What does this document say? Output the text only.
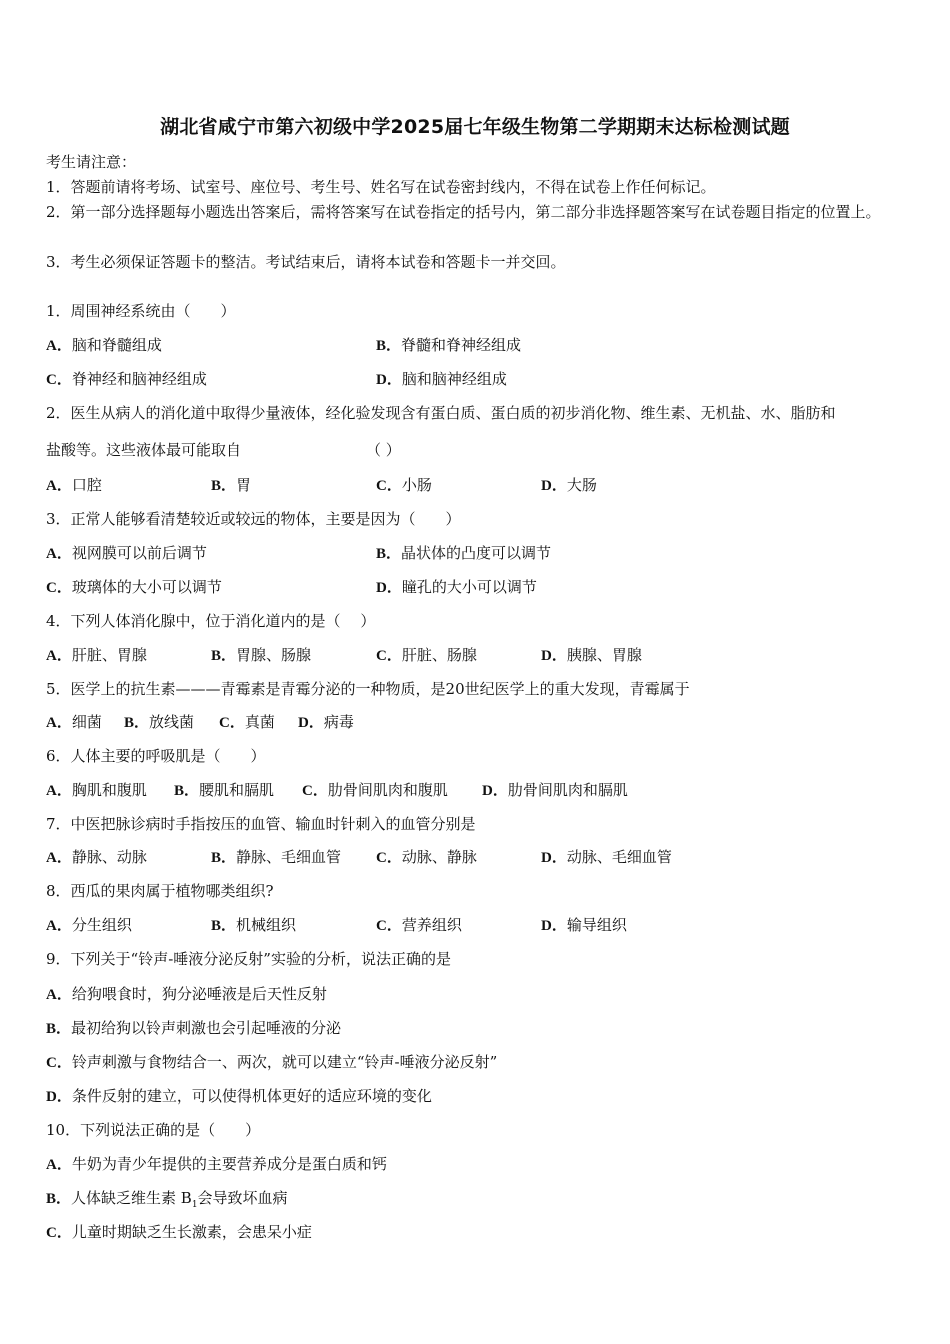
湖北省咸宁市第六初级中学2025届七年级生物第二学期期末达标检测试题
考生请注意：
1．答题前请将考场、试室号、座位号、考生号、姓名写在试卷密封线内，不得在试卷上作任何标记。
2．第一部分选择题每小题选出答案后，需将答案写在试卷指定的括号内，第二部分非选择题答案写在试卷题目指定的位置上。
3．考生必须保证答题卡的整洁。考试结束后，请将本试卷和答题卡一并交回。
1．周围神经系统由（　　）
A．脑和脊髓组成	B．脊髓和脊神经组成
C．脊神经和脑神经组成	D．脑和脑神经组成
2．医生从病人的消化道中取得少量液体，经化验发现含有蛋白质、蛋白质的初步消化物、维生素、无机盐、水、脂肪和
盐酸等。这些液体最可能取自	（ ）
A．口腔	B．胃	C．小肠	D．大肠
3．正常人能够看清楚较近或较远的物体，主要是因为（　　）
A．视网膜可以前后调节	B．晶状体的凸度可以调节
C．玻璃体的大小可以调节	D．瞳孔的大小可以调节
4．下列人体消化腺中，位于消化道内的是（　 ）
A．肝脏、胃腺	B．胃腺、肠腺	C．肝脏、肠腺	D．胰腺、胃腺
5．医学上的抗生素———青霉素是青霉分泌的一种物质，是20世纪医学上的重大发现，青霉属于
A．细菌 B．放线菌 C．真菌 D．病毒
6．人体主要的呼吸肌是（　　）
A．胸肌和腹肌 B．腰肌和膈肌 C．肋骨间肌肉和腹肌 D．肋骨间肌肉和膈肌
7．中医把脉诊病时手指按压的血管、输血时针刺入的血管分别是
A．静脉、动脉	B．静脉、毛细血管 C．动脉、静脉	D．动脉、毛细血管
8．西瓜的果肉属于植物哪类组织?
A．分生组织	B．机械组织	C．营养组织	D．输导组织
9．下列关于“铃声-唾液分泌反射”实验的分析，说法正确的是
A．给狗喂食时，狗分泌唾液是后天性反射
B．最初给狗以铃声刺激也会引起唾液的分泌
C．铃声刺激与食物结合一、两次，就可以建立“铃声-唾液分泌反射”
D．条件反射的建立，可以使得机体更好的适应环境的变化
10．下列说法正确的是（　　）
A．牛奶为青少年提供的主要营养成分是蛋白质和钙
B．人体缺乏维生素 $B_1$会导致坏血病
C．儿童时期缺乏生长激素，会患呆小症
